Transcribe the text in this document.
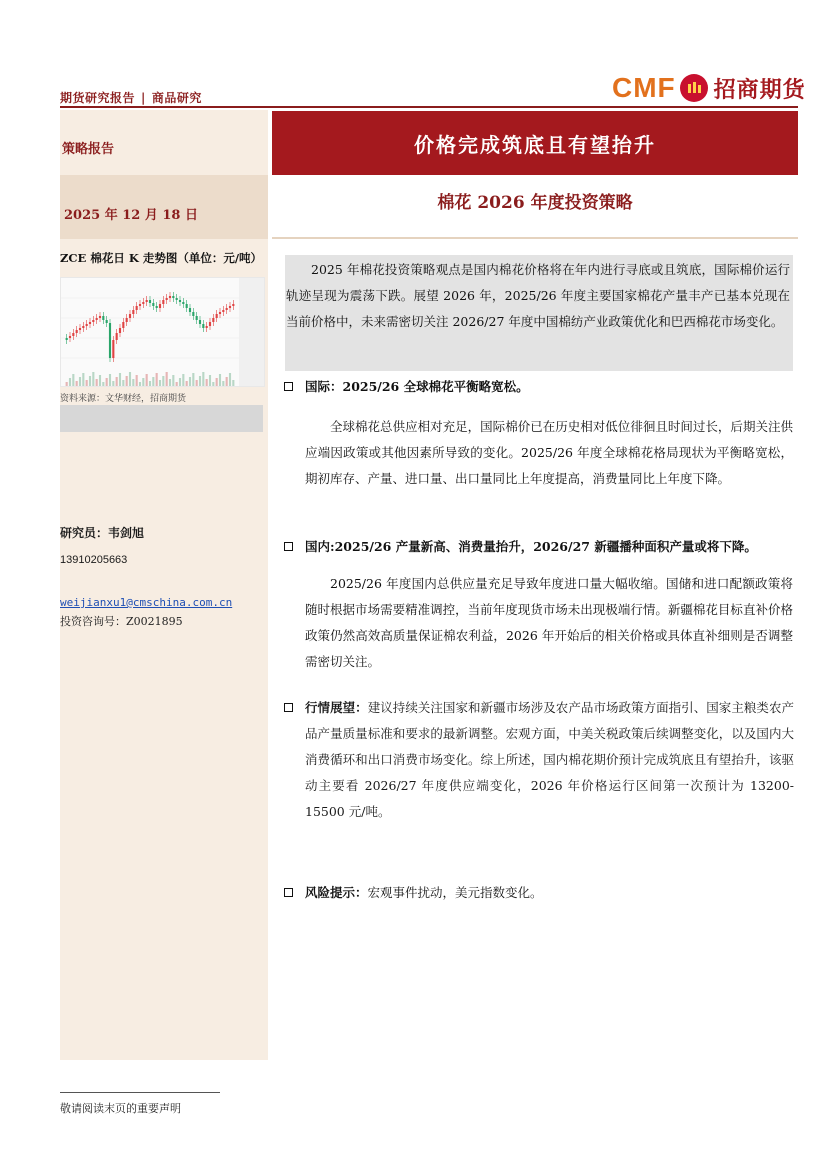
期货研究报告 | 商品研究	CMF 招商期货
策略报告
2025 年 12 月 18 日
ZCE 棉花日 K 走势图（单位：元/吨）
资料来源：文华财经，招商期货
研究员：韦剑旭
13910205663
weijianxu1@cmschina.com.cn
投资咨询号：Z0021895
价格完成筑底且有望抬升
棉花 2026 年度投资策略

2025 年棉花投资策略观点是国内棉花价格将在年内进行寻底或且筑底，国际棉价运行轨迹呈现为震荡下跌。展望 2026 年，2025/26 年度主要国家棉花产量丰产已基本兑现在当前价格中，未来需密切关注 2026/27 年度中国棉纺产业政策优化和巴西棉花市场变化。

国际：2025/26 全球棉花平衡略宽松。

全球棉花总供应相对充足，国际棉价已在历史相对低位徘徊且时间过长，后期关注供应端因政策或其他因素所导致的变化。2025/26 年度全球棉花格局现状为平衡略宽松，期初库存、产量、进口量、出口量同比上年度提高，消费量同比上年度下降。

国内:2025/26 产量新高、消费量抬升，2026/27 新疆播种面积产量或将下降。

2025/26 年度国内总供应量充足导致年度进口量大幅收缩。国储和进口配额政策将随时根据市场需要精准调控，当前年度现货市场未出现极端行情。新疆棉花目标直补价格政策仍然高效高质量保证棉农利益，2026 年开始后的相关价格或具体直补细则是否调整需密切关注。

行情展望：建议持续关注国家和新疆市场涉及农产品市场政策方面指引、国家主粮类农产品产量质量标准和要求的最新调整。宏观方面，中美关税政策后续调整变化，以及国内大消费循环和出口消费市场变化。综上所述，国内棉花期价预计完成筑底且有望抬升，该驱动主要看 2026/27 年度供应端变化，2026 年价格运行区间第一次预计为 13200-15500 元/吨。
风险提示：宏观事件扰动，美元指数变化。
敬请阅读末页的重要声明
